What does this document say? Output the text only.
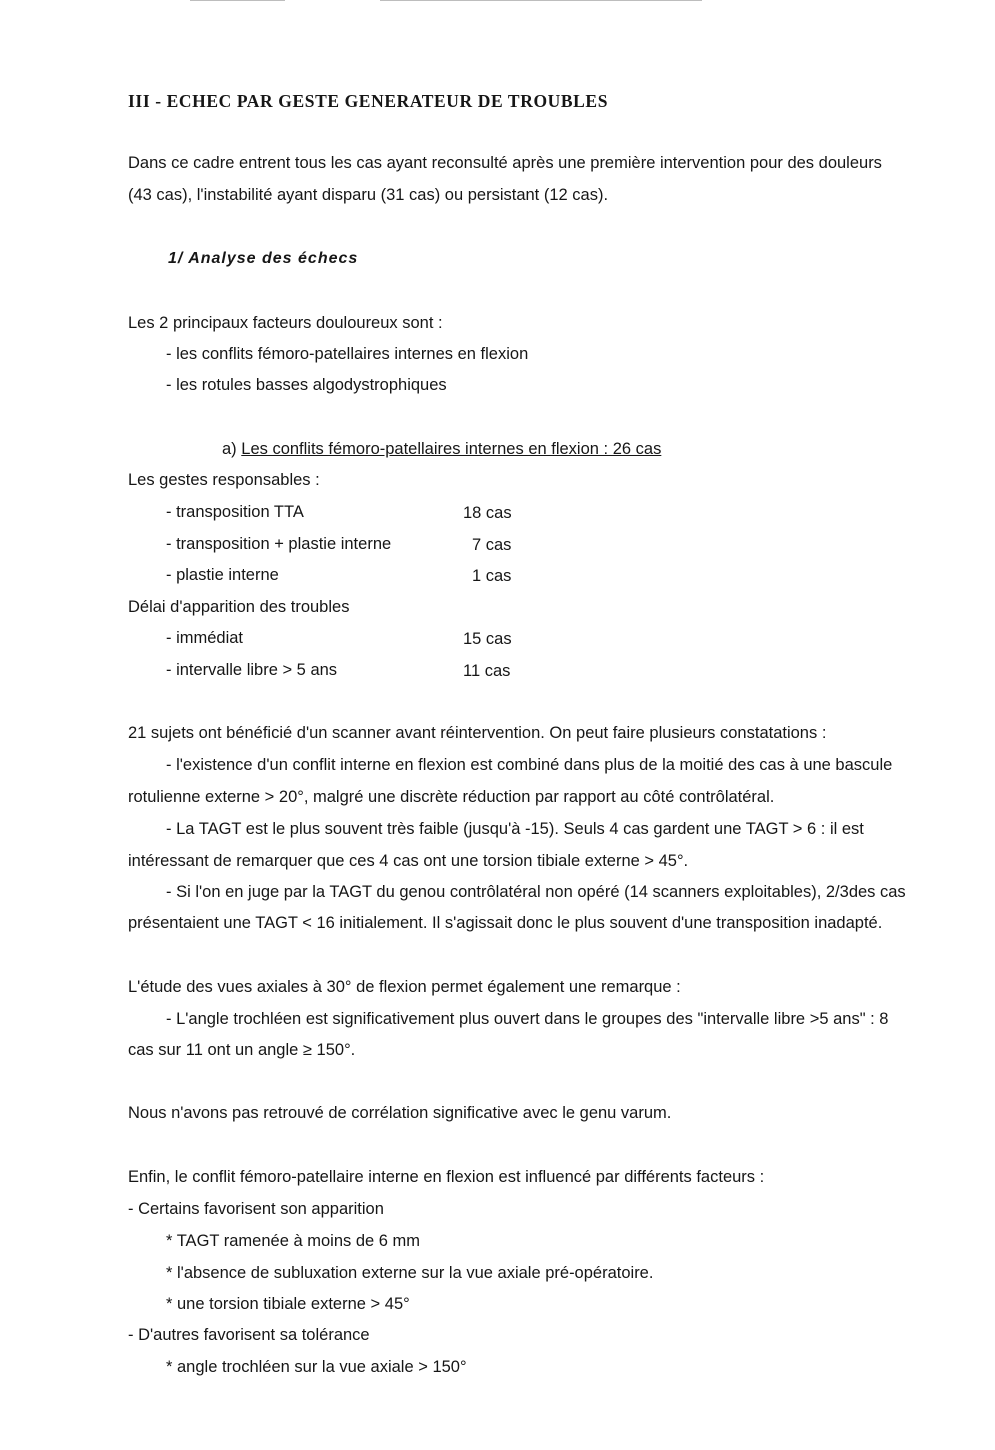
III - ECHEC PAR GESTE GENERATEUR DE TROUBLES
Dans ce cadre entrent tous les cas ayant reconsulté après une première intervention pour des douleurs
(43 cas), l'instabilité ayant disparu (31 cas) ou persistant (12 cas).
1/ Analyse des échecs
Les 2 principaux facteurs douloureux sont :
- les conflits fémoro-patellaires internes en flexion
- les rotules basses algodystrophiques
a) Les conflits fémoro-patellaires internes en flexion : 26 cas
Les gestes responsables :
- transposition TTA	18 cas
- transposition + plastie interne	7 cas
- plastie interne	1 cas
Délai d'apparition des troubles
- immédiat	15 cas
- intervalle libre > 5 ans	11 cas
21 sujets ont bénéficié d'un scanner avant réintervention. On peut faire plusieurs constatations :
- l'existence d'un conflit interne en flexion est combiné dans plus de la moitié des cas à une bascule
rotulienne externe > 20°, malgré une discrète réduction par rapport au côté contrôlatéral.
- La TAGT est le plus souvent très faible (jusqu'à -15). Seuls 4 cas gardent une TAGT > 6 : il est
intéressant de remarquer que ces 4 cas ont une torsion tibiale externe > 45°.
- Si l'on en juge par la TAGT du genou contrôlatéral non opéré (14 scanners exploitables), 2/3des cas
présentaient une TAGT < 16 initialement. Il s'agissait donc le plus souvent d'une transposition inadapté.
L'étude des vues axiales à 30° de flexion permet également une remarque :
- L'angle trochléen est significativement plus ouvert dans le groupes des "intervalle libre >5 ans" : 8
cas sur 11 ont un angle ≥ 150°.
Nous n'avons pas retrouvé de corrélation significative avec le genu varum.
Enfin, le conflit fémoro-patellaire interne en flexion est influencé par différents facteurs :
- Certains favorisent son apparition
* TAGT ramenée à moins de 6 mm
* l'absence de subluxation externe sur la vue axiale pré-opératoire.
* une torsion tibiale externe > 45°
- D'autres favorisent sa tolérance
* angle trochléen sur la vue axiale > 150°
